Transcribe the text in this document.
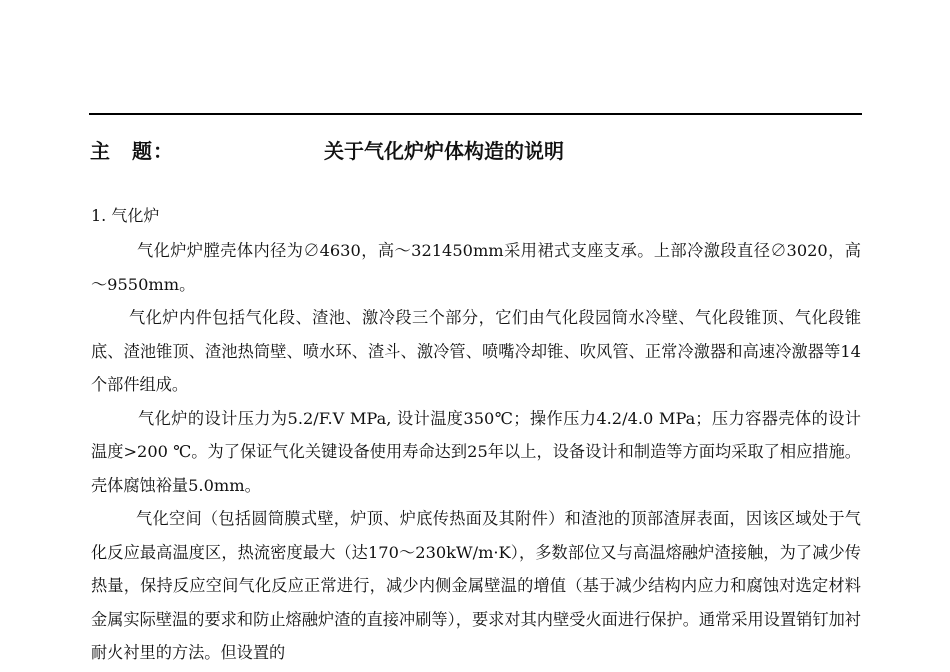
主　题：	关于气化炉炉体构造的说明
1. 气化炉

气化炉炉膛壳体内径为∅4630，高～321450mm采用裙式支座支承。上部冷激段直径∅3020，高～9550mm。

气化炉内件包括气化段、渣池、激冷段三个部分，它们由气化段园筒水冷壁、气化段锥顶、气化段锥底、渣池锥顶、渣池热筒壁、喷水环、渣斗、激冷管、喷嘴冷却锥、吹风管、正常冷激器和高速冷激器等14个部件组成。

气化炉的设计压力为5.2/F.V MPa, 设计温度350℃；操作压力4.2/4.0 MPa；压力容器壳体的设计温度>200 ℃。为了保证气化关键设备使用寿命达到25年以上，设备设计和制造等方面均采取了相应措施。壳体腐蚀裕量5.0mm。

气化空间（包括圆筒膜式壁，炉顶、炉底传热面及其附件）和渣池的顶部渣屏表面，因该区域处于气化反应最高温度区，热流密度最大（达170～230kW/m·K），多数部位又与高温熔融炉渣接触，为了减少传热量，保持反应空间气化反应正常进行，减少内侧金属壁温的增值（基于减少结构内应力和腐蚀对选定材料金属实际壁温的要求和防止熔融炉渣的直接冲刷等），要求对其内壁受火面进行保护。通常采用设置销钉加衬耐火衬里的方法。但设置的
